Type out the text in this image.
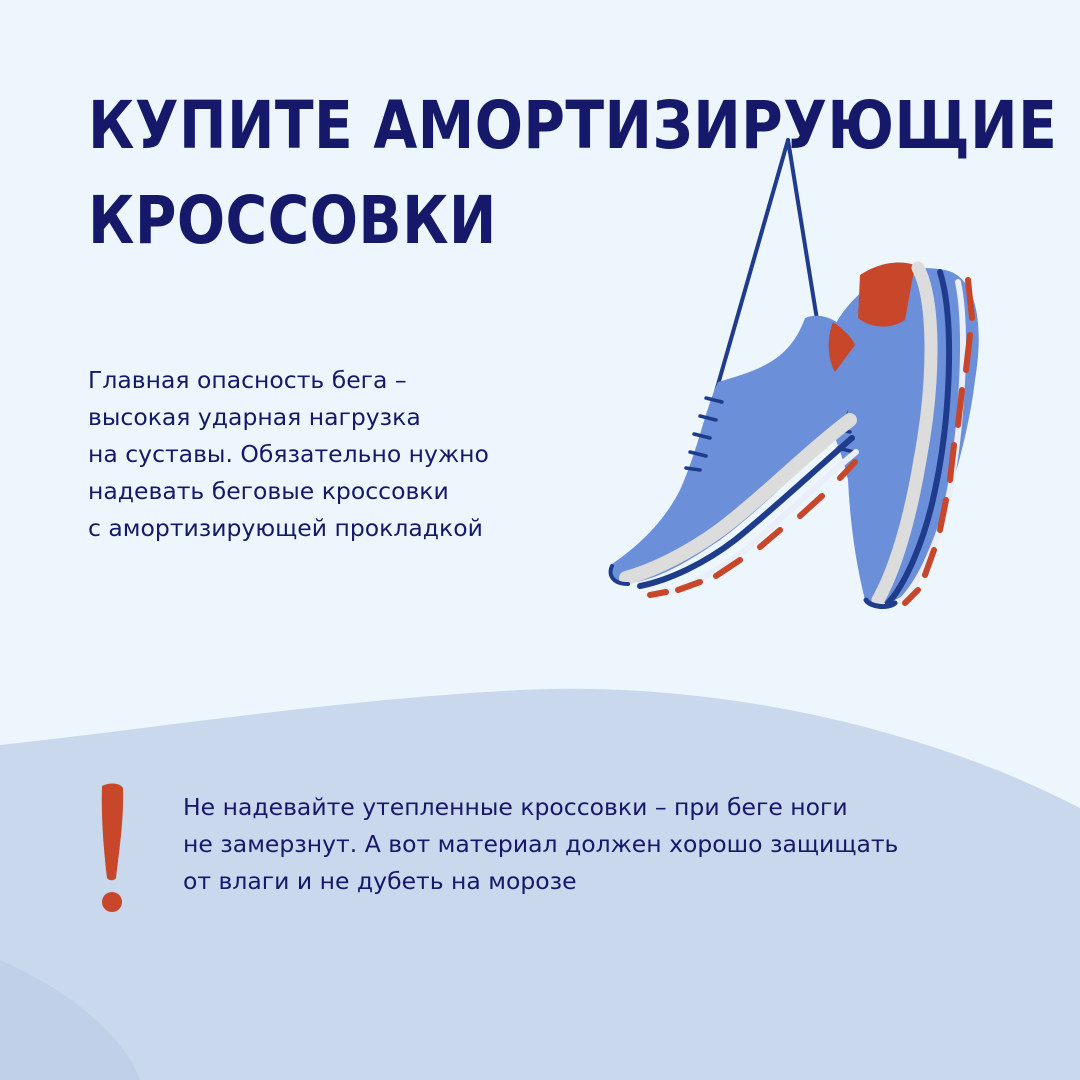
КУПИТЕ АМОРТИЗИРУЮЩИЕ
КРОССОВКИ
Главная опасность бега –
высокая ударная нагрузка
на суставы. Обязательно нужно
надевать беговые кроссовки
с амортизирующей прокладкой
Не надевайте утепленные кроссовки – при беге ноги
не замерзнут. А вот материал должен хорошо защищать
от влаги и не дубеть на морозе
